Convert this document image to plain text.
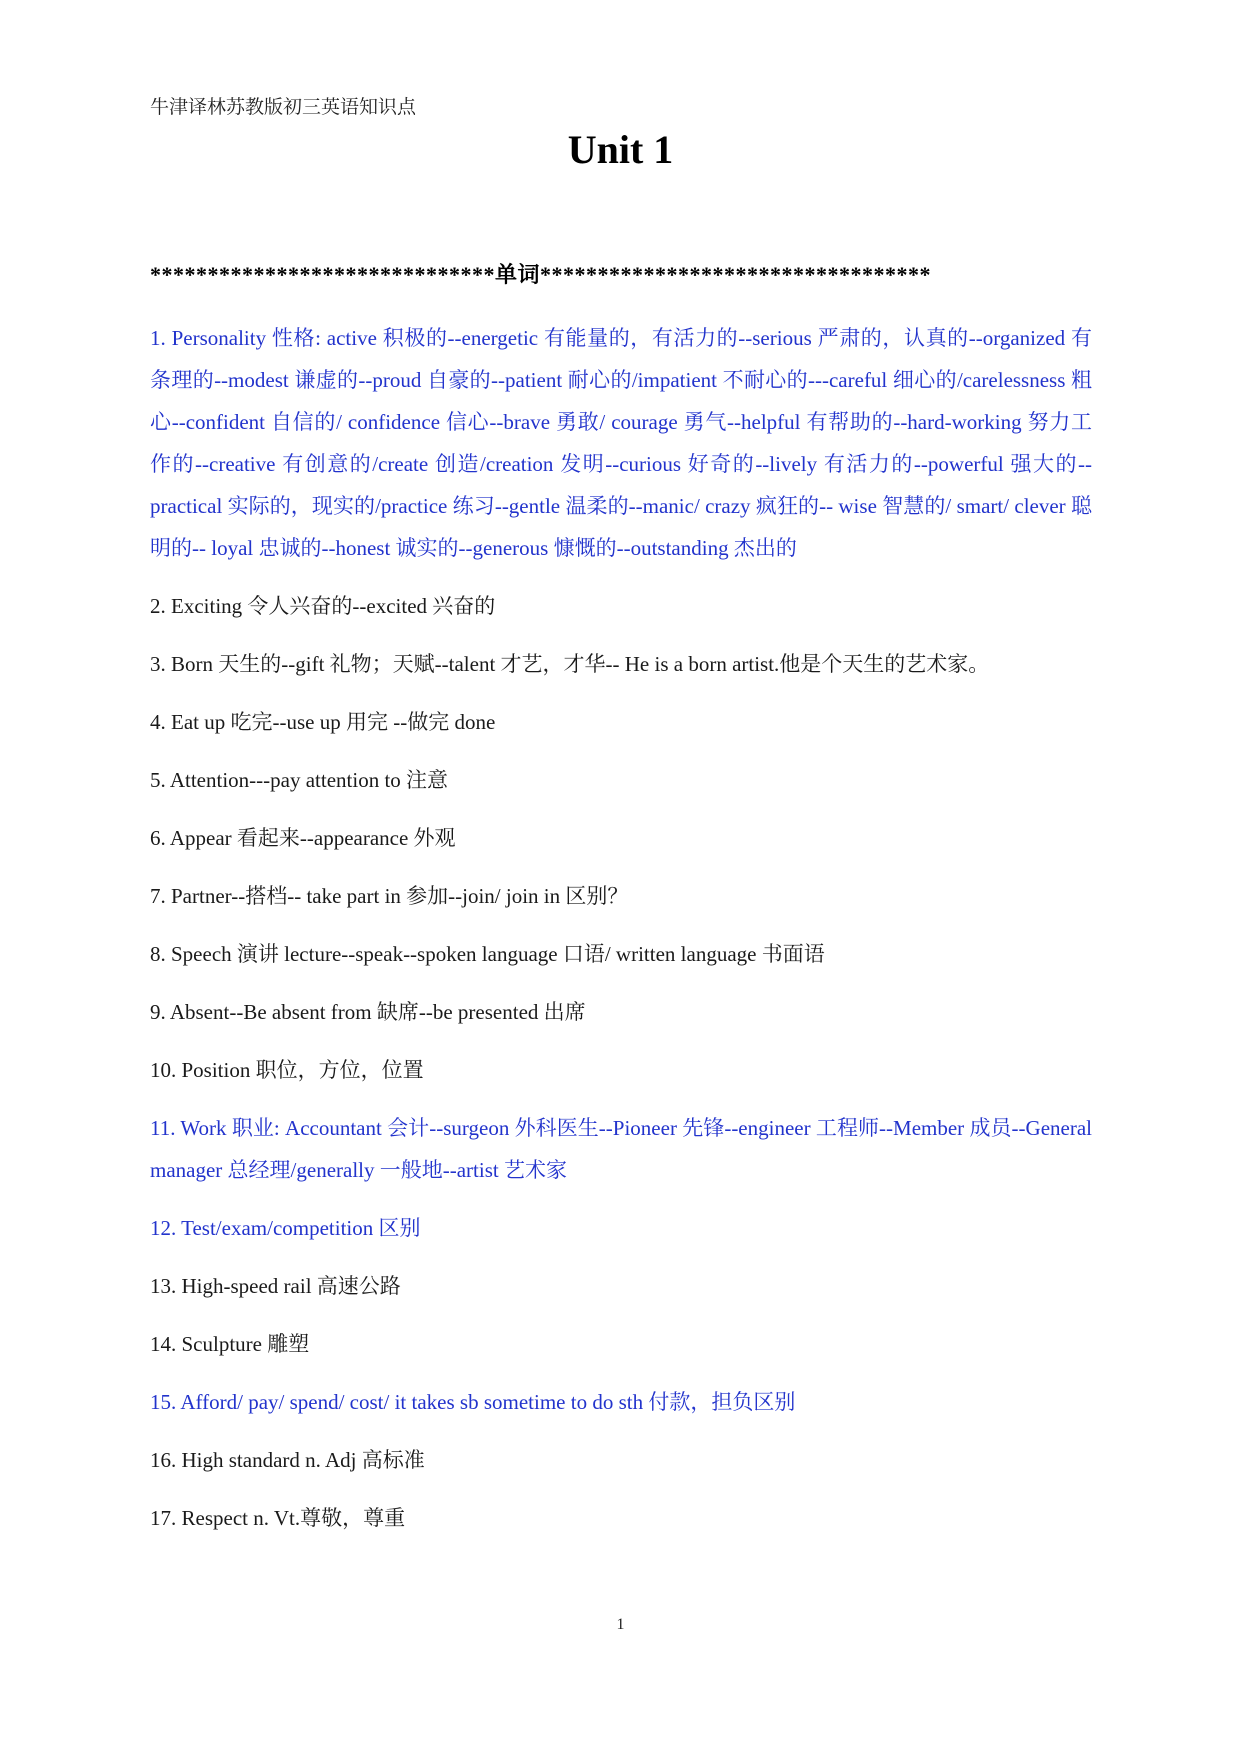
牛津译林苏教版初三英语知识点
Unit 1
******************************单词**********************************
1. Personality 性格: active 积极的--energetic 有能量的，有活力的--serious 严肃的，认真的--organized 有条理的--modest 谦虚的--proud 自豪的--patient 耐心的/impatient 不耐心的---careful 细心的/carelessness 粗心--confident 自信的/ confidence 信心--brave 勇敢/ courage 勇气--helpful 有帮助的--hard-working 努力工作的--creative 有创意的/create 创造/creation 发明--curious 好奇的--lively 有活力的--powerful 强大的--practical 实际的，现实的/practice 练习--gentle 温柔的--manic/ crazy 疯狂的-- wise 智慧的/ smart/ clever 聪明的-- loyal 忠诚的--honest 诚实的--generous 慷慨的--outstanding 杰出的
2. Exciting 令人兴奋的--excited 兴奋的
3. Born 天生的--gift 礼物；天赋--talent 才艺，才华-- He is a born artist.他是个天生的艺术家。
4. Eat up 吃完--use up 用完 --做完 done
5. Attention---pay attention to 注意
6. Appear 看起来--appearance 外观
7. Partner--搭档-- take part in 参加--join/ join in 区别？
8. Speech 演讲 lecture--speak--spoken language 口语/ written language 书面语
9. Absent--Be absent from 缺席--be presented 出席
10. Position 职位，方位，位置
11. Work 职业: Accountant 会计--surgeon 外科医生--Pioneer 先锋--engineer 工程师--Member 成员--General manager 总经理/generally 一般地--artist 艺术家
12. Test/exam/competition 区别
13. High-speed rail 高速公路
14. Sculpture 雕塑
15. Afford/ pay/ spend/ cost/ it takes sb sometime to do sth 付款，担负区别
16. High standard n. Adj 高标准
17. Respect n. Vt.尊敬，尊重
1
